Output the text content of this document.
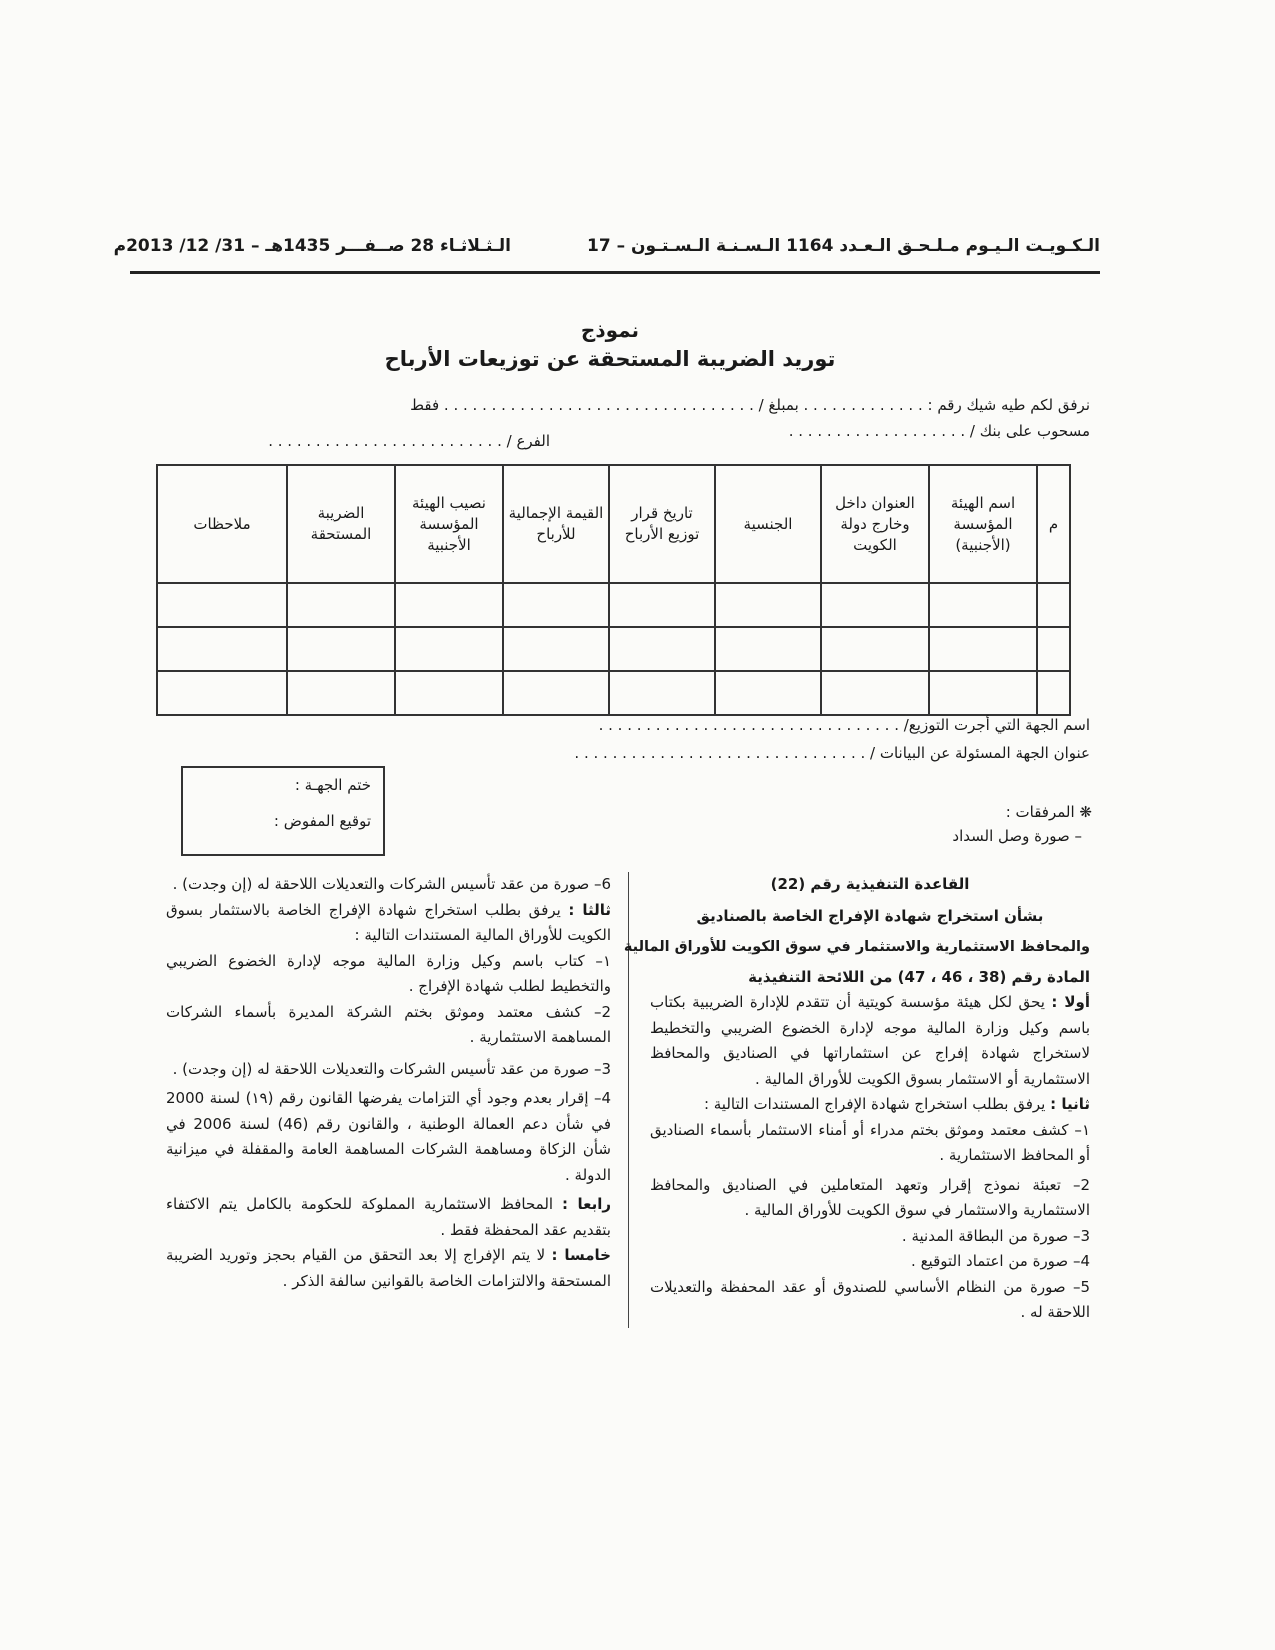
الـثـلاثـاء 28 صــفـــر 1435هـ – 31/ 12/ 2013م	الـكـويـت الـيـوم مـلـحـق الـعـدد 1164 الـسـنـة الـسـتـون – 17
نموذج
توريد الضريبة المستحقة عن توزيعات الأرباح
نرفق لكم طيه شيك رقم : . . . . . . . . . . . . . بمبلغ / . . . . . . . . . . . . . . . . . . . . . . . . . . . . . . . . . فقط
مسحوب على بنك / . . . . . . . . . . . . . . . . . . .
الفرع / . . . . . . . . . . . . . . . . . . . . . . . . .
م	اسم الهيئة المؤسسة (الأجنبية)	العنوان داخل وخارج دولة الكويت	الجنسية	تاريخ قرار توزيع الأرباح	القيمة الإجمالية للأرباح	نصيب الهيئة المؤسسة الأجنبية	الضريبة المستحقة	ملاحظات

اسم الجهة التي أجرت التوزيع/ . . . . . . . . . . . . . . . . . . . . . . . . . . . . . . . .
عنوان الجهة المسئولة عن البيانات / . . . . . . . . . . . . . . . . . . . . . . . . . . . . . . .
ختم الجهـة :
توقيع المفوض :	❋ المرفقات :
– صورة وصل السداد

القاعدة التنفيذية رقم (22)

بشأن استخراج شهادة الإفراج الخاصة بالصناديق

والمحافظ الاستثمارية والاستثمار في سوق الكويت للأوراق المالية

المادة رقم (38 ، 46 ، 47) من اللائحة التنفيذية

أولا : يحق لكل هيئة مؤسسة كويتية أن تتقدم للإدارة الضريبية بكتاب باسم وكيل وزارة المالية موجه لإدارة الخضوع الضريبي والتخطيط لاستخراج شهادة إفراج عن استثماراتها في الصناديق والمحافظ الاستثمارية أو الاستثمار بسوق الكويت للأوراق المالية .

ثانيا : يرفق بطلب استخراج شهادة الإفراج المستندات التالية :

١– كشف معتمد وموثق بختم مدراء أو أمناء الاستثمار بأسماء الصناديق أو المحافظ الاستثمارية .

2– تعبئة نموذج إقرار وتعهد المتعاملين في الصناديق والمحافظ الاستثمارية والاستثمار في سوق الكويت للأوراق المالية .

3– صورة من البطاقة المدنية .

4– صورة من اعتماد التوقيع .

5– صورة من النظام الأساسي للصندوق أو عقد المحفظة والتعديلات اللاحقة له .

6– صورة من عقد تأسيس الشركات والتعديلات اللاحقة له (إن وجدت) .

ثالثا : يرفق بطلب استخراج شهادة الإفراج الخاصة بالاستثمار بسوق الكويت للأوراق المالية المستندات التالية :

١– كتاب باسم وكيل وزارة المالية موجه لإدارة الخضوع الضريبي والتخطيط لطلب شهادة الإفراج .

2– كشف معتمد وموثق بختم الشركة المديرة بأسماء الشركات المساهمة الاستثمارية .

3– صورة من عقد تأسيس الشركات والتعديلات اللاحقة له (إن وجدت) .

4– إقرار بعدم وجود أي التزامات يفرضها القانون رقم (١٩) لسنة 2000 في شأن دعم العمالة الوطنية ، والقانون رقم (46) لسنة 2006 في شأن الزكاة ومساهمة الشركات المساهمة العامة والمقفلة في ميزانية الدولة .

رابعا : المحافظ الاستثمارية المملوكة للحكومة بالكامل يتم الاكتفاء بتقديم عقد المحفظة فقط .

خامسا : لا يتم الإفراج إلا بعد التحقق من القيام بحجز وتوريد الضريبة المستحقة والالتزامات الخاصة بالقوانين سالفة الذكر .
